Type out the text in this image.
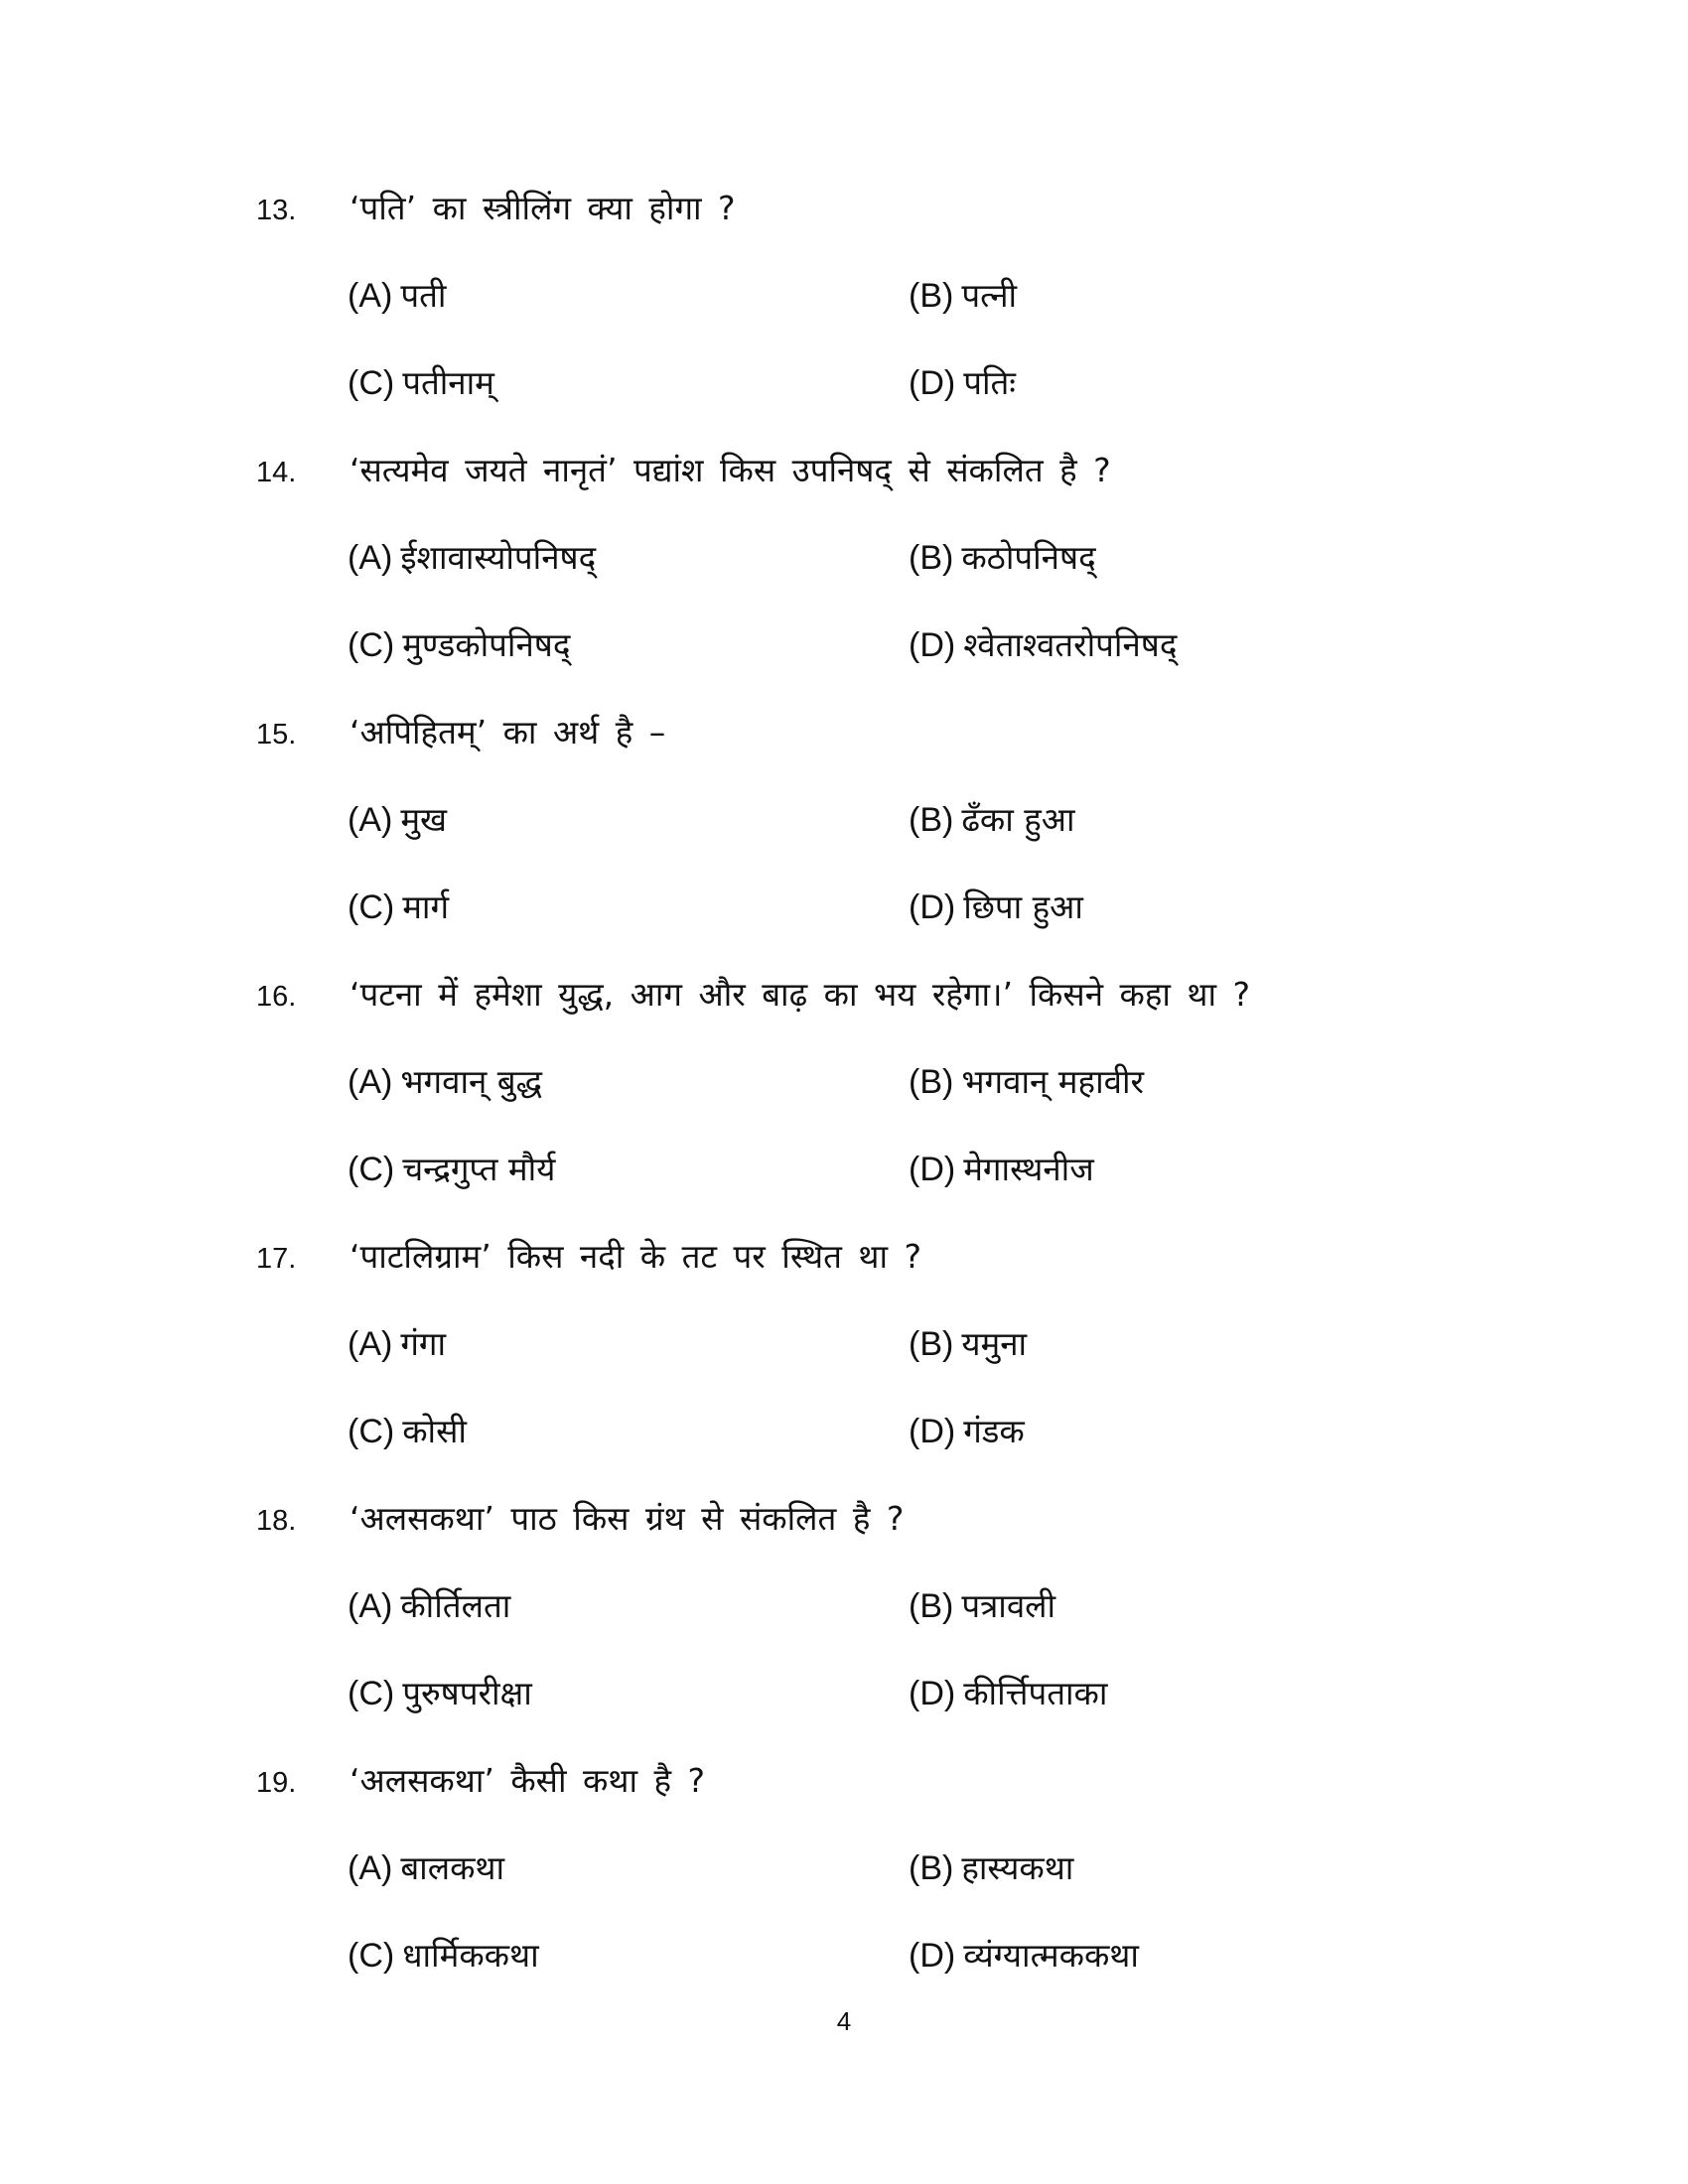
13. ‘पति’ का स्त्रीलिंग क्या होगा ?
(A) पती	(B) पत्नी
(C) पतीनाम्	(D) पतिः
14. ‘सत्यमेव जयते नानृतं’ पद्यांश किस उपनिषद् से संकलित है ?
(A) ईशावास्योपनिषद्	(B) कठोपनिषद्
(C) मुण्डकोपनिषद्	(D) श्वेताश्वतरोपनिषद्
15. ‘अपिहितम्’ का अर्थ है –
(A) मुख	(B) ढँका हुआ
(C) मार्ग	(D) छिपा हुआ
16. ‘पटना में हमेशा युद्ध, आग और बाढ़ का भय रहेगा।’ किसने कहा था ?
(A) भगवान् बुद्ध	(B) भगवान् महावीर
(C) चन्द्रगुप्त मौर्य	(D) मेगास्थनीज
17. ‘पाटलिग्राम’ किस नदी के तट पर स्थित था ?
(A) गंगा	(B) यमुना
(C) कोसी	(D) गंडक
18. ‘अलसकथा’ पाठ किस ग्रंथ से संकलित है ?
(A) कीर्तिलता	(B) पत्रावली
(C) पुरुषपरीक्षा	(D) कीर्त्तिपताका
19. ‘अलसकथा’ कैसी कथा है ?
(A) बालकथा	(B) हास्यकथा
(C) धार्मिककथा	(D) व्यंग्यात्मककथा
4
